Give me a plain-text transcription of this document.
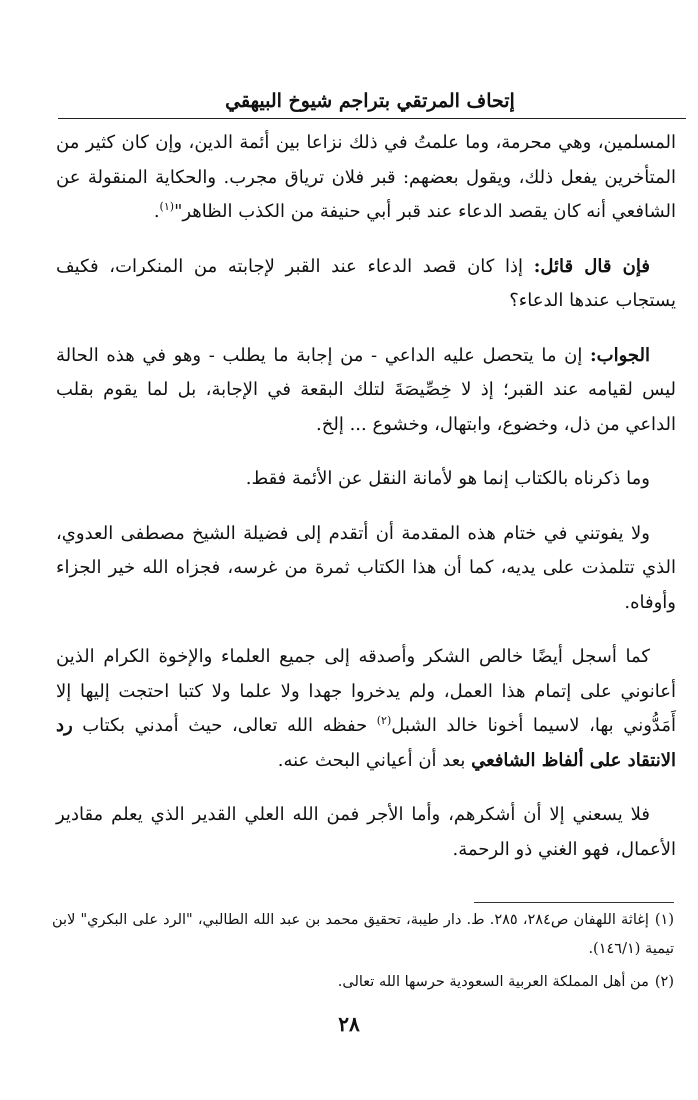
إتحاف المرتقي بتراجم شيوخ البيهقي

المسلمين، وهي محرمة، وما علمتُ في ذلك نزاعا بين أئمة الدين، وإن كان كثير من المتأخرين يفعل ذلك، ويقول بعضهم: قبر فلان ترياق مجرب. والحكاية المنقولة عن الشافعي أنه كان يقصد الدعاء عند قبر أبي حنيفة من الكذب الظاهر"$^{(١)}$.

فإن قال قائل: إذا كان قصد الدعاء عند القبر لإجابته من المنكرات، فكيف يستجاب عندها الدعاء؟

الجواب: إن ما يتحصل عليه الداعي - من إجابة ما يطلب - وهو في هذه الحالة ليس لقيامه عند القبر؛ إذ لا خِصِّيصَةَ لتلك البقعة في الإجابة، بل لما يقوم بقلب الداعي من ذل، وخضوع، وابتهال، وخشوع ... إلخ.

وما ذكرناه بالكتاب إنما هو لأمانة النقل عن الأئمة فقط.

ولا يفوتني في ختام هذه المقدمة أن أتقدم إلى فضيلة الشيخ مصطفى العدوي، الذي تتلمذت على يديه، كما أن هذا الكتاب ثمرة من غرسه، فجزاه الله خير الجزاء وأوفاه.

كما أسجل أيضًا خالص الشكر وأصدقه إلى جميع العلماء والإخوة الكرام الذين أعانوني على إتمام هذا العمل، ولم يدخروا جهدا ولا علما ولا كتبا احتجت إليها إلا أَمَدُّوني بها، لاسيما أخونا خالد الشبل$^{(٢)}$ حفظه الله تعالى، حيث أمدني بكتاب رد الانتقاد على ألفاظ الشافعي بعد أن أعياني البحث عنه.

فلا يسعني إلا أن أشكرهم، وأما الأجر فمن الله العلي القدير الذي يعلم مقادير الأعمال، فهو الغني ذو الرحمة.

(١)إغاثة اللهفان ص٢٨٤، ٢٨٥. ط. دار طيبة، تحقيق محمد بن عبد الله الطالبي، "الرد على البكري" لابن تيمية (١٤٦/١).

(٢)من أهل المملكة العربية السعودية حرسها الله تعالى.

٢٨
